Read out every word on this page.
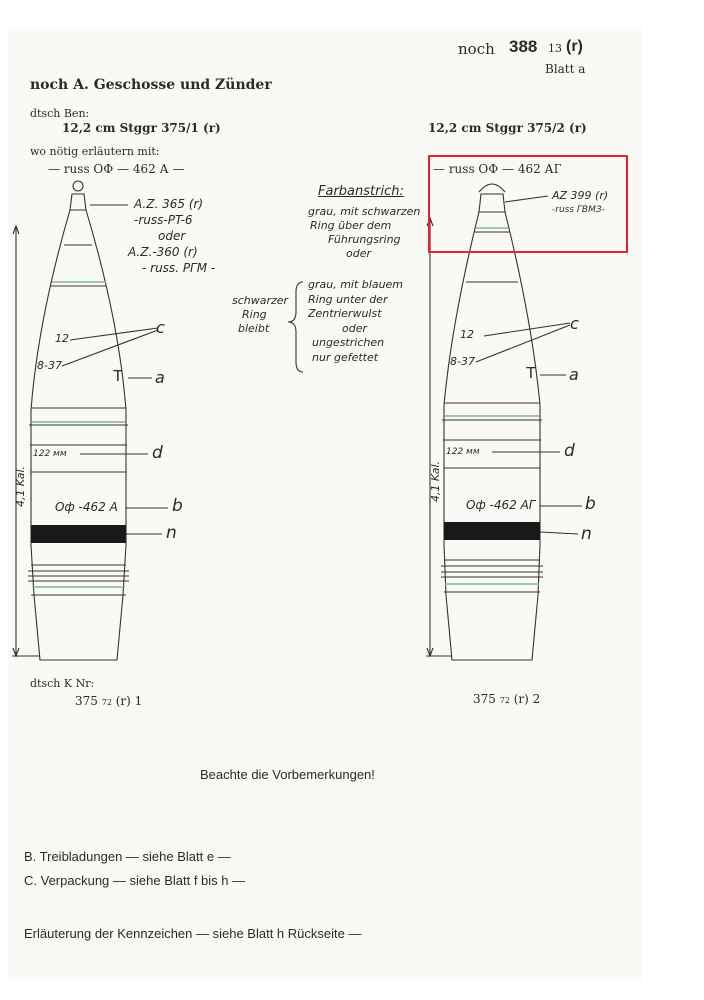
noch 388 13 (r)
Blatt a
noch A. Geschosse und Zünder
dtsch Ben:
12,2 cm Stggr 375/1 (r)	12,2 cm Stggr 375/2 (r)
wo nötig erläutern mit:
— russ ОФ — 462 А —	— russ ОФ — 462 АГ
A.Z. 365 (r)
-russ-PT-6
oder
A.Z.-360 (r)
- russ. PГМ -
12
8-37
T
122 мм
Оф -462 А
4,1 Kal.
c
a
d
b
n
AZ 399 (r)
-russ ГВМЗ-
12
8-37
T
122 мм
Оф -462 АГ
4,1 Kal.
c
a
d
b
n
Farbanstrich:
grau, mit schwarzen
Ring über dem
Führungsring
oder
grau, mit blauem
Ring unter der
Zentrierwulst
oder
ungestrichen
nur gefettet
schwarzer
Ring
bleibt
dtsch K Nr:
375 72 (r) 1	375 72 (r) 2
Beachte die Vorbemerkungen!
B. Treibladungen — siehe Blatt e —
C. Verpackung — siehe Blatt f bis h —
Erläuterung der Kennzeichen — siehe Blatt h Rückseite —
